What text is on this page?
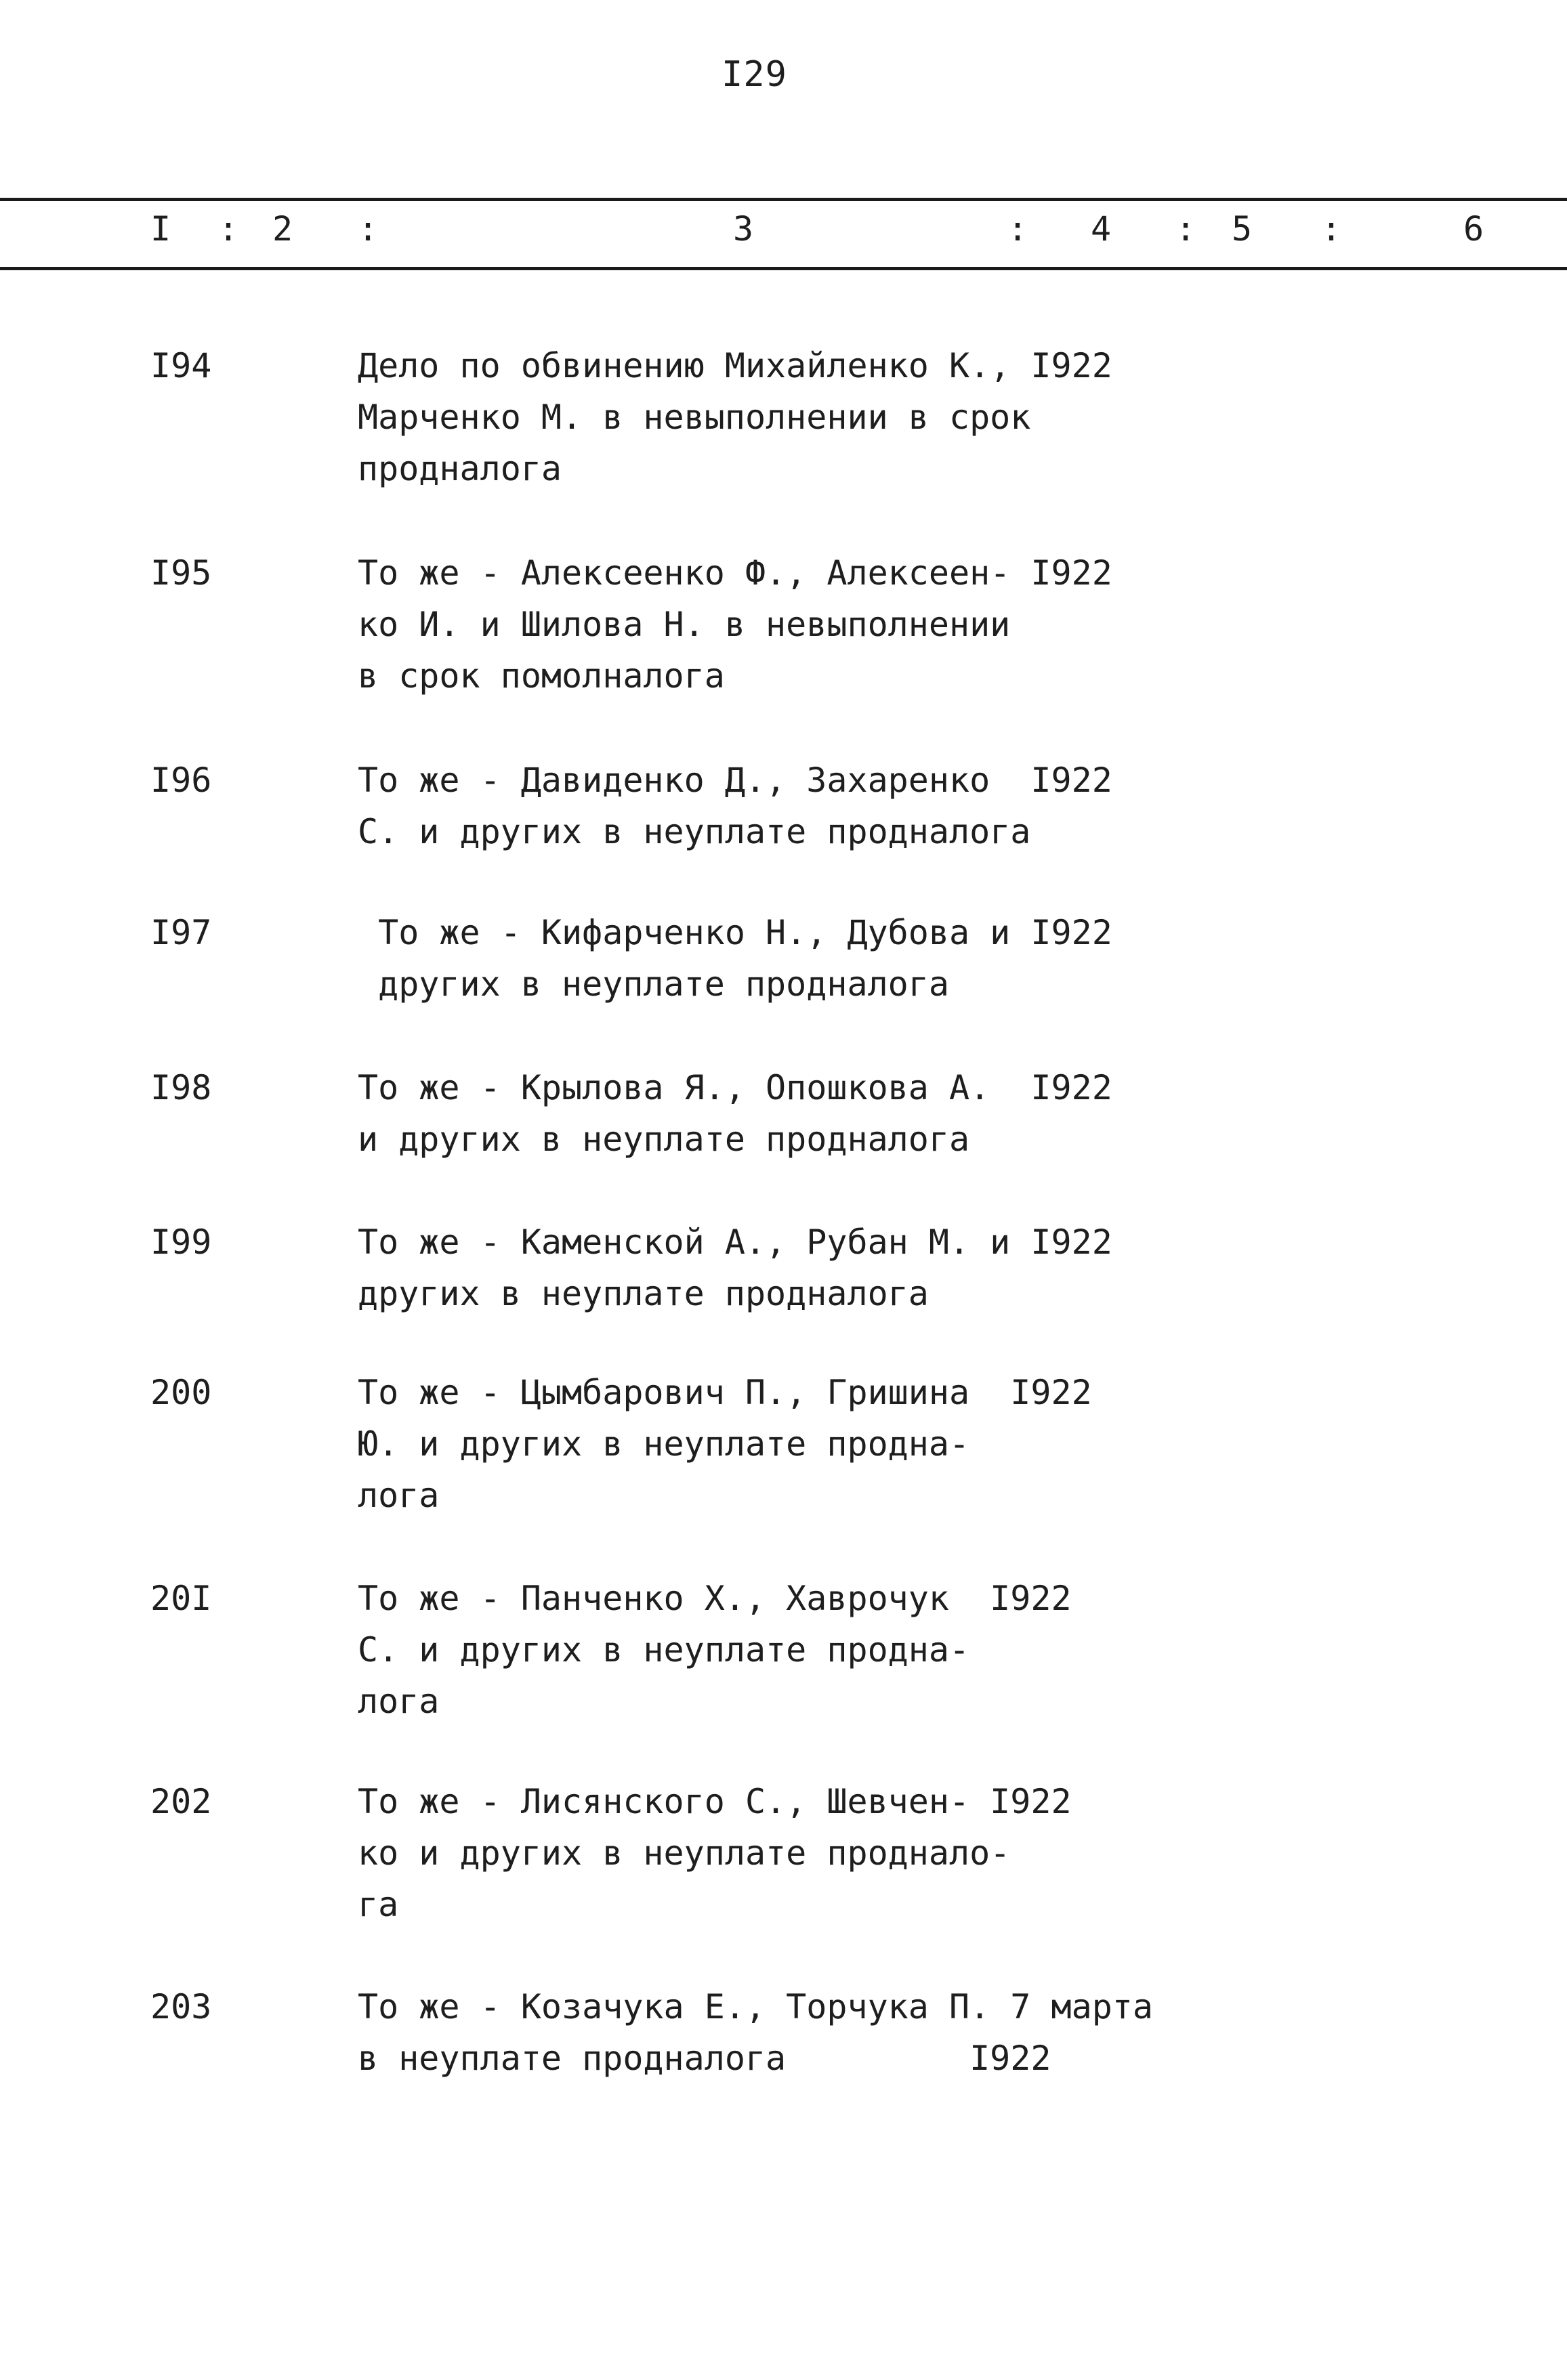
I29
I : 2 :	3	: 4 : 5 :	6
I94	Дело по обвинению Михайленко К., I922
Марченко М. в невыполнении в срок
продналога
I95	То же - Алексеенко Ф., Алексеен- I922
ко И. и Шилова Н. в невыполнении
в срок помолналога
I96	То же - Давиденко Д., Захаренко  I922
С. и других в неуплате продналога
I97	То же - Кифарченко Н., Дубова и I922
других в неуплате продналога
I98	То же - Крылова Я., Опошкова А.  I922
и других в неуплате продналога
I99	То же - Каменской А., Рубан М. и I922
других в неуплате продналога
200	То же - Цымбарович П., Гришина  I922
Ю. и других в неуплате продна-
лога
20I	То же - Панченко Х., Хаврочук  I922
С. и других в неуплате продна-
лога
202	То же - Лисянского С., Шевчен- I922
ко и других в неуплате проднало-
га
203	То же - Козачука Е., Торчука П. 7 марта
в неуплате продналога         I922
